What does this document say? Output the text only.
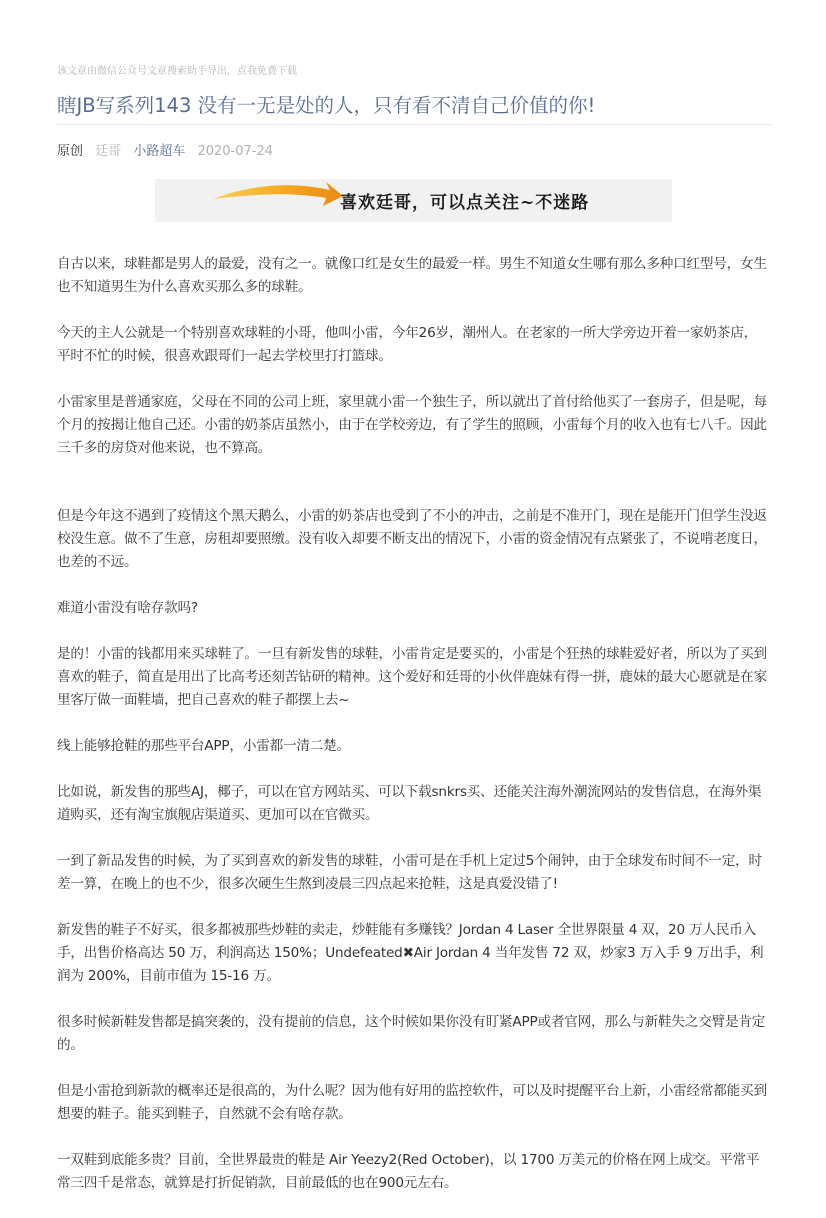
该文章由微信公众号文章搜索助手导出，点我免费下载
瞎JB写系列143 没有一无是处的人，只有看不清自己价值的你!
原创 廷哥 小路超车 2020-07-24
喜欢廷哥，可以点关注~不迷路

自古以来，球鞋都是男人的最爱，没有之一。就像口红是女生的最爱一样。男生不知道女生哪有那么多种口红型号，女生也不知道男生为什么喜欢买那么多的球鞋。

今天的主人公就是一个特别喜欢球鞋的小哥，他叫小雷，今年26岁，潮州人。在老家的一所大学旁边开着一家奶茶店，平时不忙的时候，很喜欢跟哥们一起去学校里打打篮球。

小雷家里是普通家庭，父母在不同的公司上班，家里就小雷一个独生子，所以就出了首付给他买了一套房子，但是呢，每个月的按揭让他自己还。小雷的奶茶店虽然小，由于在学校旁边，有了学生的照顾，小雷每个月的收入也有七八千。因此三千多的房贷对他来说，也不算高。

但是今年这不遇到了疫情这个黑天鹅么，小雷的奶茶店也受到了不小的冲击，之前是不准开门，现在是能开门但学生没返校没生意。做不了生意，房租却要照缴。没有收入却要不断支出的情况下，小雷的资金情况有点紧张了，不说啃老度日，也差的不远。

难道小雷没有啥存款吗?

是的！小雷的钱都用来买球鞋了。一旦有新发售的球鞋，小雷肯定是要买的，小雷是个狂热的球鞋爱好者，所以为了买到喜欢的鞋子，简直是用出了比高考还刻苦钻研的精神。这个爱好和廷哥的小伙伴鹿妹有得一拼，鹿妹的最大心愿就是在家里客厅做一面鞋墙，把自己喜欢的鞋子都摆上去~

线上能够抢鞋的那些平台APP，小雷都一清二楚。

比如说，新发售的那些AJ，椰子，可以在官方网站买、可以下载snkrs买、还能关注海外潮流网站的发售信息，在海外渠道购买，还有淘宝旗舰店渠道买、更加可以在官微买。

一到了新品发售的时候，为了买到喜欢的新发售的球鞋，小雷可是在手机上定过5个闹钟，由于全球发布时间不一定，时差一算，在晚上的也不少，很多次硬生生熬到凌晨三四点起来抢鞋，这是真爱没错了!

新发售的鞋子不好买，很多都被那些炒鞋的卖走，炒鞋能有多赚钱？Jordan 4 Laser 全世界限量 4 双，20 万人民币入手，出售价格高达 50 万，利润高达 150%；Undefeated✖Air Jordan 4 当年发售 72 双，炒家3 万入手 9 万出手，利润为 200%，目前市值为 15-16 万。

很多时候新鞋发售都是搞突袭的，没有提前的信息，这个时候如果你没有盯紧APP或者官网，那么与新鞋失之交臂是肯定的。

但是小雷抢到新款的概率还是很高的，为什么呢？因为他有好用的监控软件，可以及时提醒平台上新，小雷经常都能买到想要的鞋子。能买到鞋子，自然就不会有啥存款。

一双鞋到底能多贵？目前，全世界最贵的鞋是 Air Yeezy2(Red October)，以 1700 万美元的价格在网上成交。平常平常三四千是常态，就算是打折促销款，目前最低的也在900元左右。
